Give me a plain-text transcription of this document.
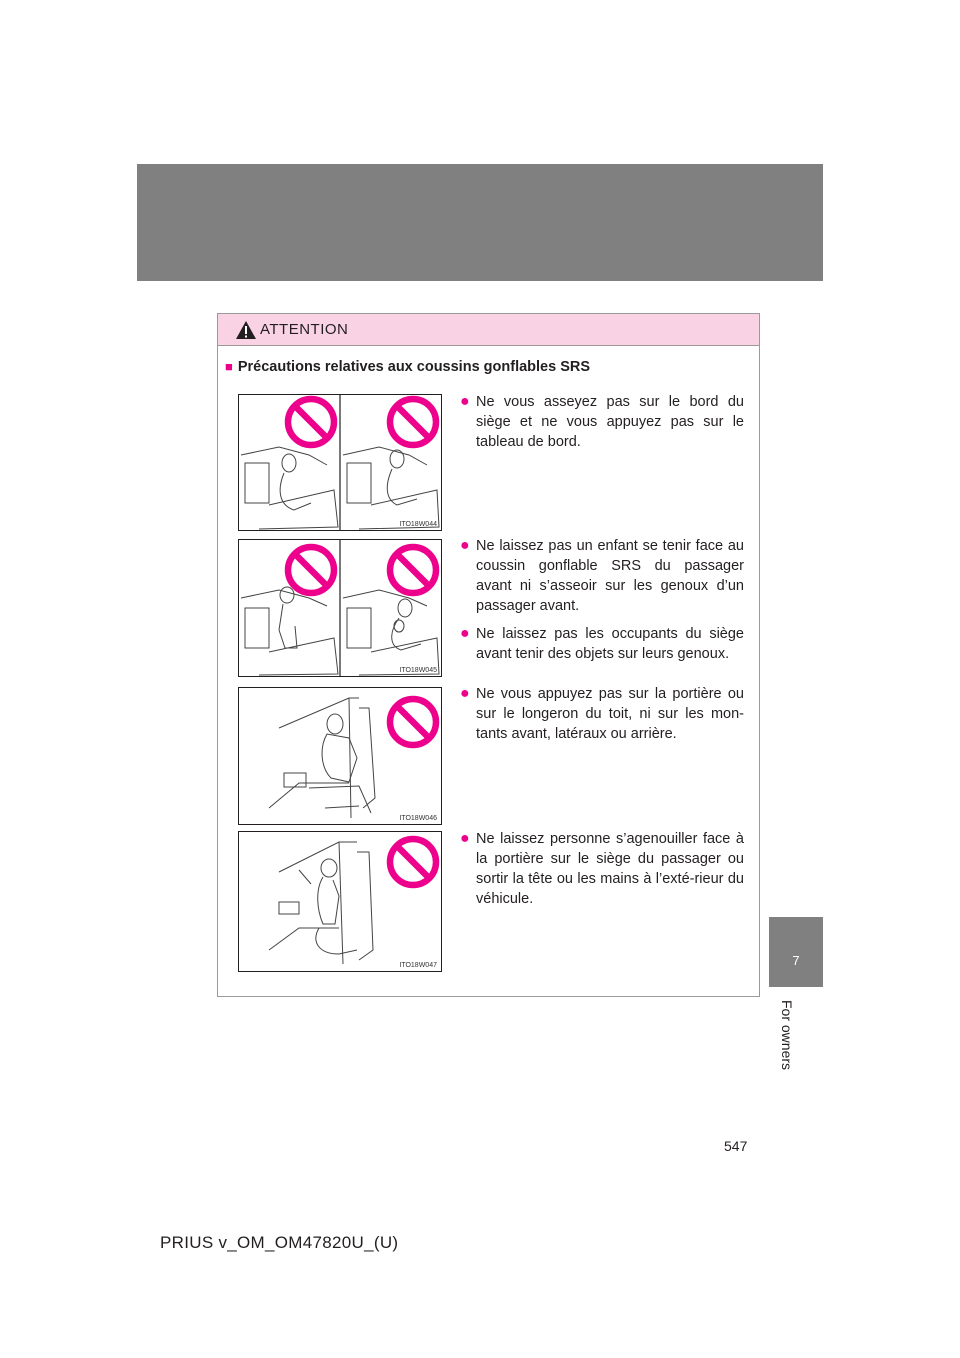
7
For owners
ATTENTION
■ Précautions relatives aux coussins gonflables SRS
ITO18W044
ITO18W045
ITO18W046
ITO18W047
● Ne vous asseyez pas sur le bord du siège et ne vous appuyez pas sur le tableau de bord.
● Ne laissez pas un enfant se tenir face au coussin gonflable SRS du passager avant ni s’asseoir sur les genoux d’un passager avant.
● Ne laissez pas les occupants du siège avant tenir des objets sur leurs genoux.
● Ne vous appuyez pas sur la portière ou sur le longeron du toit, ni sur les mon-tants avant, latéraux ou arrière.
● Ne laissez personne s’agenouiller face à la portière sur le siège du passager ou sortir la tête ou les mains à l’exté-rieur du véhicule.
547
PRIUS v_OM_OM47820U_(U)
